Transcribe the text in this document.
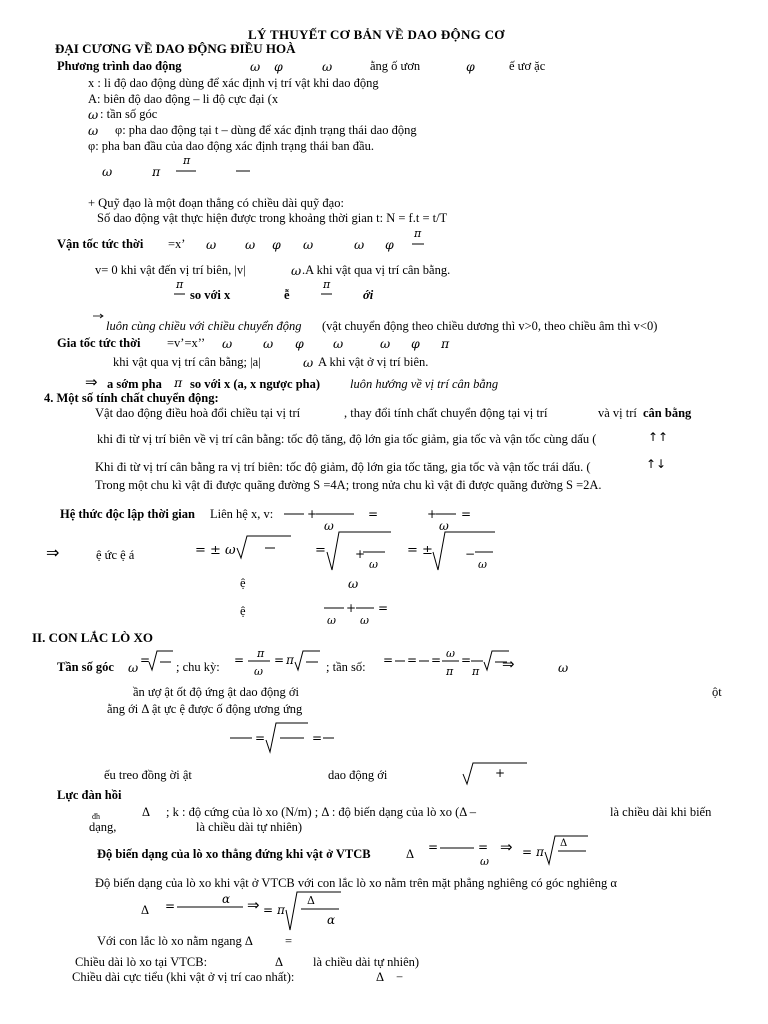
LÝ THUYẾT CƠ BẢN VỀ DAO ĐỘNG CƠ
ĐẠI CƯƠNG VỀ DAO ĐỘNG ĐIỀU HOÀ
Phương trình dao động	ω φ	ω	ằng ố ươn	φ	ế ươ ặc
x : li độ dao động dùng để xác định vị trí vật khi dao động
A: biên độ dao động – li độ cực đại (x
ω : tần số góc
ω φ: pha dao động tại t – dùng để xác định trạng thái dao động
φ: pha ban đầu của dao động xác định trạng thái ban đầu.
ω	π
π
+ Quỹ đạo là một đoạn thẳng có chiều dài quỹ đạo:
Số dao động vật thực hiện được trong khoảng thời gian t: N = f.t = t/T
Vận tốc tức thời =x’ ω ω φ ω	ω φ
π
v= 0 khi vật đến vị trí biên, |v|	ω .A khi vật qua vị trí cân bằng.
π
so với x	ễ
π
ới
luôn cùng chiều với chiều chuyển động (vật chuyển động theo chiều dương thì v>0, theo chiều âm thì v<0)
Gia tốc tức thời =v’=x’’ ω ω φ ω	ω φ π
khi vật qua vị trí cân bằng; |a|	ω A khi vật ở vị trí biên.
⇒ a sớm pha π so với x (a, x ngược pha) luôn hướng về vị trí cân bằng
4. Một số tính chất chuyển động:
Vật dao động điều hoà đổi chiều tại vị trí	, thay đổi tính chất chuyển động tại vị trí	và vị trí cân bằng
khi đi từ vị trí biên về vị trí cân bằng: tốc độ tăng, độ lớn gia tốc giảm, gia tốc và vận tốc cùng dấu (	↑↑
Khi đi từ vị trí cân bằng ra vị trí biên: tốc độ giảm, độ lớn gia tốc tăng, gia tốc và vận tốc trái dấu. (	↑↓
Trong một chu kì vật đi được quãng đường S =4A; trong nửa chu kì vật đi được quãng đường S =2A.
Hệ thức độc lập thời gian Liên hệ x, v:	+
ω
=	+
ω
=
⇒	ệ ức ệ á	= ± ω	= +
ω
= ±	−
ω
ệ	ω
ệ
ω
+
ω
=
II. CON LẮC LÒ XO
Tần số góc ω = ; chu kỳ: = π
ω
= π	; tần số: = = = ω
π
=
π ⇒	ω
ần ượ ật ốt độ ứng ật dao động ới	ột
ằng ới Δ ật ực ệ được ố động ương ứng
=	=
ếu treo đồng ời ật	dao động ới	+
Lực đàn hồi
đh	Δ ; k : độ cứng của lò xo (N/m) ; Δ : độ biến dạng của lò xo (Δ –	là chiều dài khi biến
dạng,	là chiều dài tự nhiên)
Độ biến dạng của lò xo thẳng đứng khi vật ở VTCB	Δ =	=
ω
⇒ = π
Δ
Độ biến dạng của lò xo khi vật ở VTCB với con lắc lò xo nằm trên mặt phẳng nghiêng có góc nghiêng α
Δ =	α ⇒ = π
Δ
α
Với con lắc lò xo nằm ngang Δ	=
Chiều dài lò xo tại VTCB:	Δ là chiều dài tự nhiên)
Chiều dài cực tiểu (khi vật ở vị trí cao nhất):	Δ −
